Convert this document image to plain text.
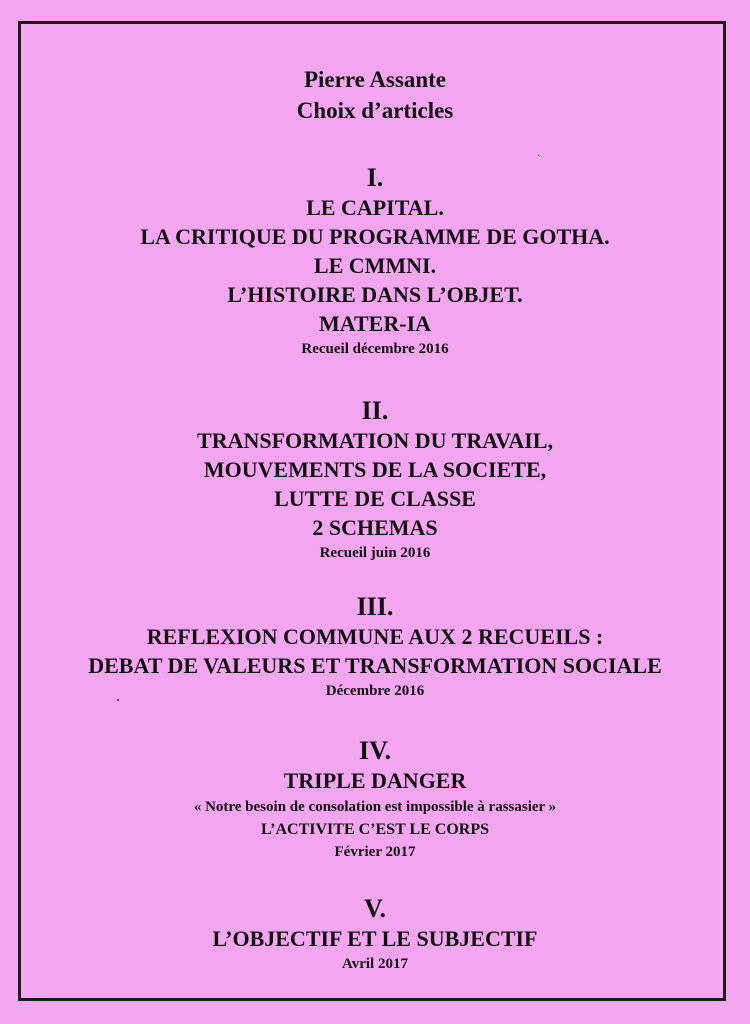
Pierre Assante
Choix d’articles
I.
LE CAPITAL.
LA CRITIQUE DU PROGRAMME DE GOTHA.
LE CMMNI.
L’HISTOIRE DANS L’OBJET.
MATER-IA
Recueil décembre 2016
II.
TRANSFORMATION DU TRAVAIL,
MOUVEMENTS DE LA SOCIETE,
LUTTE DE CLASSE
2 SCHEMAS
Recueil juin 2016
III.
REFLEXION COMMUNE AUX 2 RECUEILS :
DEBAT DE VALEURS ET TRANSFORMATION SOCIALE
Décembre 2016
IV.
TRIPLE DANGER
« Notre besoin de consolation est impossible à rassasier »
L’ACTIVITE C’EST LE CORPS
Février 2017
V.
L’OBJECTIF ET LE SUBJECTIF
Avril 2017
